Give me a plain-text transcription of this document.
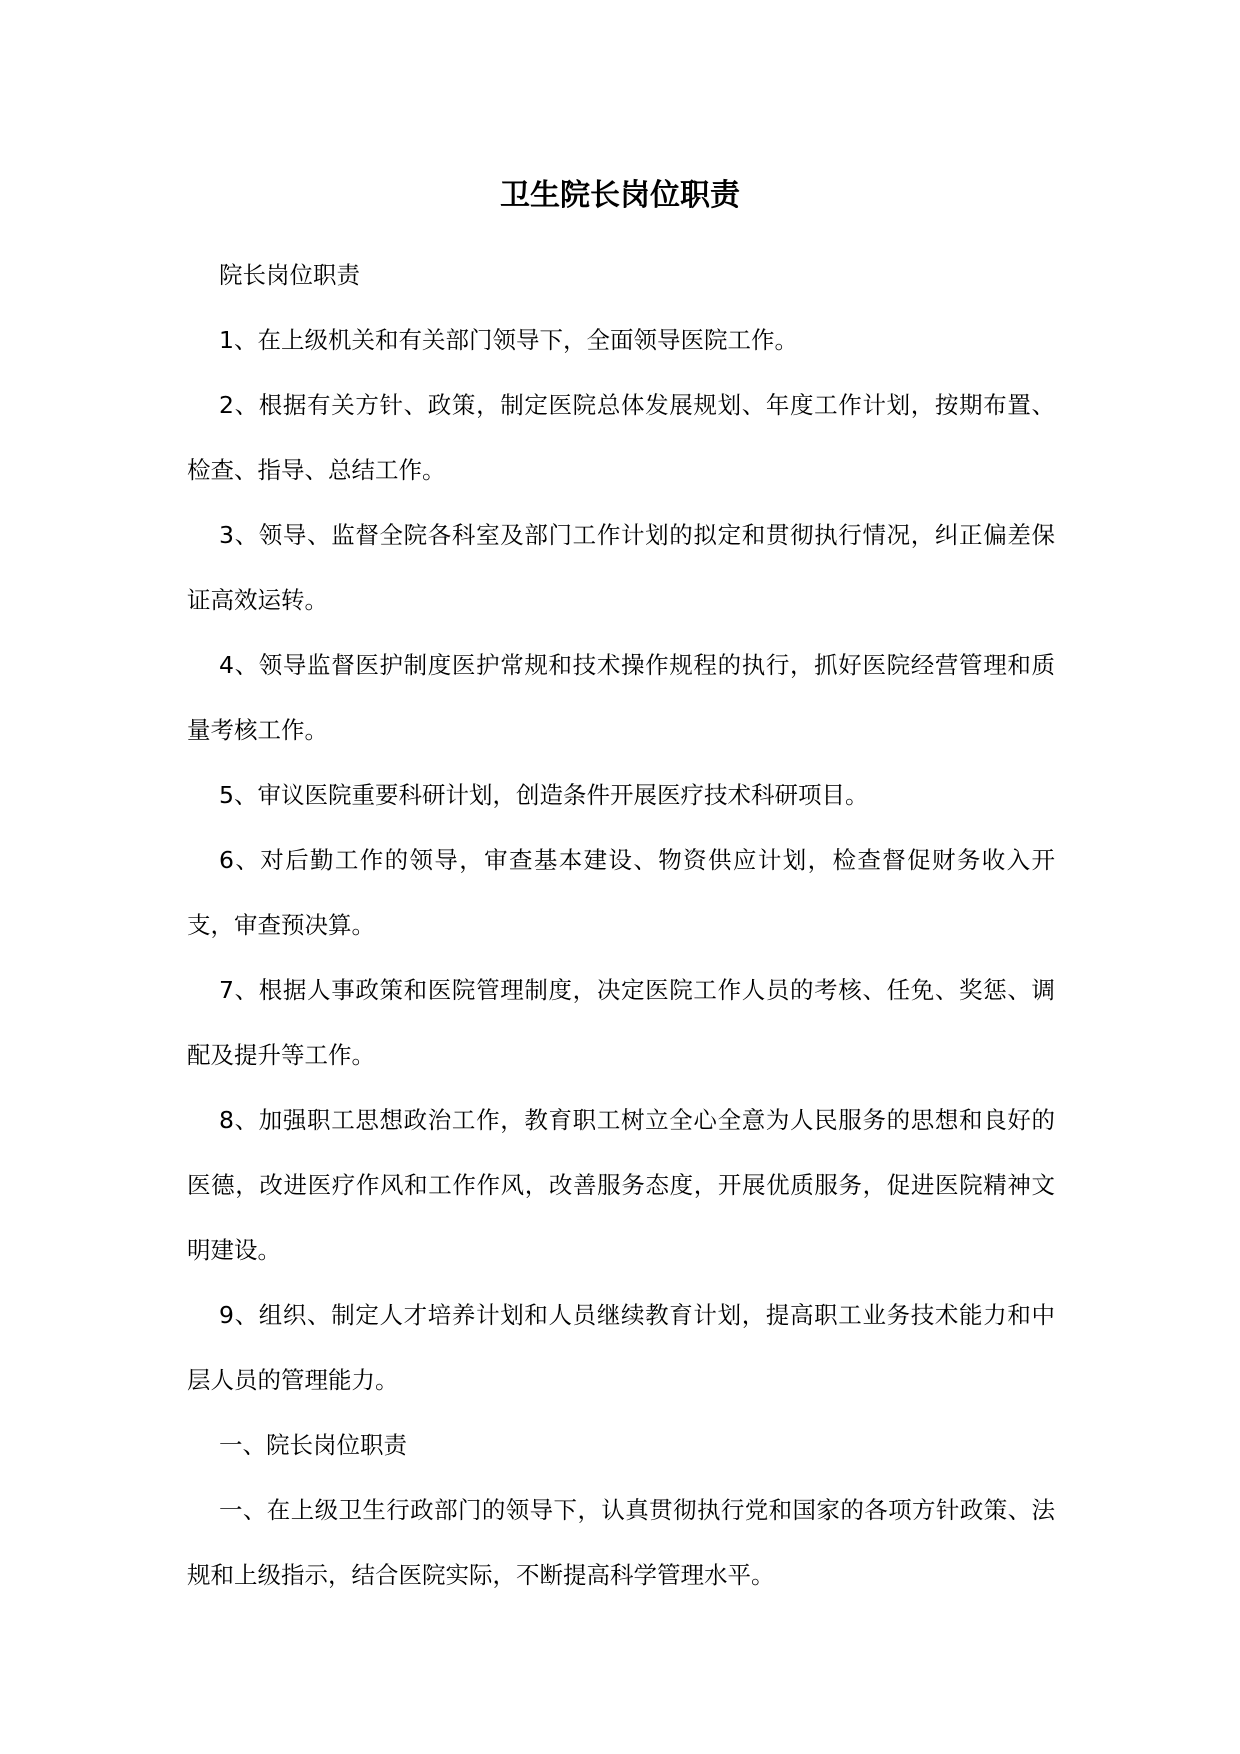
卫生院长岗位职责

院长岗位职责

1、在上级机关和有关部门领导下，全面领导医院工作。

2、根据有关方针、政策，制定医院总体发展规划、年度工作计划，按期布置、检查、指导、总结工作。

3、领导、监督全院各科室及部门工作计划的拟定和贯彻执行情况，纠正偏差保证高效运转。

4、领导监督医护制度医护常规和技术操作规程的执行，抓好医院经营管理和质量考核工作。

5、审议医院重要科研计划，创造条件开展医疗技术科研项目。

6、对后勤工作的领导，审查基本建设、物资供应计划，检查督促财务收入开支，审查预决算。

7、根据人事政策和医院管理制度，决定医院工作人员的考核、任免、奖惩、调配及提升等工作。

8、加强职工思想政治工作，教育职工树立全心全意为人民服务的思想和良好的医德，改进医疗作风和工作作风，改善服务态度，开展优质服务，促进医院精神文明建设。

9、组织、制定人才培养计划和人员继续教育计划，提高职工业务技术能力和中层人员的管理能力。

一、院长岗位职责

一、在上级卫生行政部门的领导下，认真贯彻执行党和国家的各项方针政策、法规和上级指示，结合医院实际，不断提高科学管理水平。
